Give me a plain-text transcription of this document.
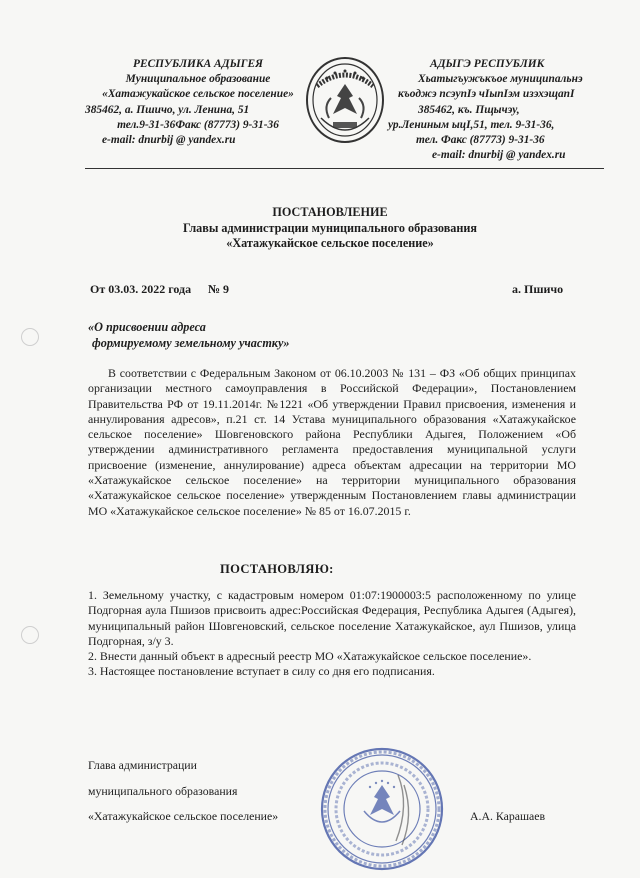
РЕСПУБЛИКА АДЫГЕЯ
Муниципальное образование
«Хатажукайское сельское поселение»
385462, а. Пшичо, ул. Ленина, 51
тел.9-31-36Факс (87773) 9-31-36
e-mail: dnurbij @ yandex.ru
АДЫГЭ РЕСПУБЛИК
Хьатыгъужъкъое муниципальнэ
къоджэ псэупІэ чІыпІэм изэхэщапІ
385462, къ. Пщычэу,
ур.Лениным ыцІ,51, тел. 9-31-36,
тел. Факс (87773) 9-31-36
e-mail: dnurbij @ yandex.ru
ПОСТАНОВЛЕНИЕ
Главы администрации муниципального образования
«Хатажукайское сельское поселение»
От 03.03. 2022 года № 9	а. Пшичо
«О присвоении адреса
формируемому земельному участку»
В соответствии с Федеральным Законом от 06.10.2003 № 131 – ФЗ «Об общих принципах организации местного самоуправления в Российской Федерации», Постановлением Правительства РФ от 19.11.2014г. №1221 «Об утверждении Правил присвоения, изменения и аннулирования адресов», п.21 ст. 14 Устава муниципального образования «Хатажукайское сельское поселение» Шовгеновского района Республики Адыгея, Положением «Об утверждении административного регламента предоставления муниципальной услуги присвоение (изменение, аннулирование) адреса объектам адресации на территории МО «Хатажукайское сельское поселение» на территории муниципального образования «Хатажукайское сельское поселение» утвержденным Постановлением главы администрации МО «Хатажукайское сельское поселение» № 85 от 16.07.2015 г.
ПОСТАНОВЛЯЮ:
1. Земельному участку, с кадастровым номером 01:07:1900003:5 расположенному по улице Подгорная аула Пшизов присвоить адрес:Российская Федерация, Республика Адыгея (Адыгея), муниципальный район Шовгеновский, сельское поселение Хатажукайское, аул Пшизов, улица Подгорная, з/у 3.
2. Внести данный объект в адресный реестр МО «Хатажукайское сельское поселение».
3. Настоящее постановление вступает в силу со дня его подписания.
Глава администрации
муниципального образования
«Хатажукайское сельское поселение»	А.А. Карашаев
